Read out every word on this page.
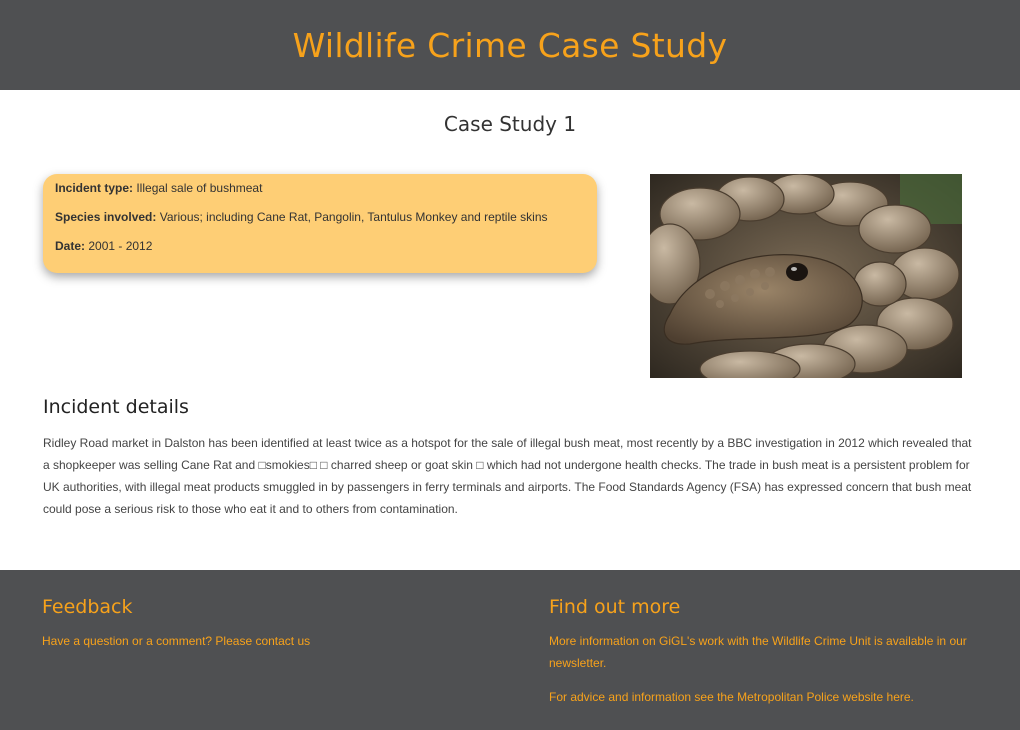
Wildlife Crime Case Study
Case Study 1

Incident type: Illegal sale of bushmeat

Species involved: Various; including Cane Rat, Pangolin, Tantulus Monkey and reptile skins

Date: 2001 - 2012

Incident details

Ridley Road market in Dalston has been identified at least twice as a hotspot for the sale of illegal bush meat, most recently by a BBC investigation in 2012 which revealed that a shopkeeper was selling Cane Rat and □smokies□ □ charred sheep or goat skin □ which had not undergone health checks. The trade in bush meat is a persistent problem for UK authorities, with illegal meat products smuggled in by passengers in ferry terminals and airports. The Food Standards Agency (FSA) has expressed concern that bush meat could pose a serious risk to those who eat it and to others from contamination.

Feedback

Have a question or a comment? Please contact us

Find out more

More information on GiGL's work with the Wildlife Crime Unit is available in our newsletter.

For advice and information see the Metropolitan Police website here.
